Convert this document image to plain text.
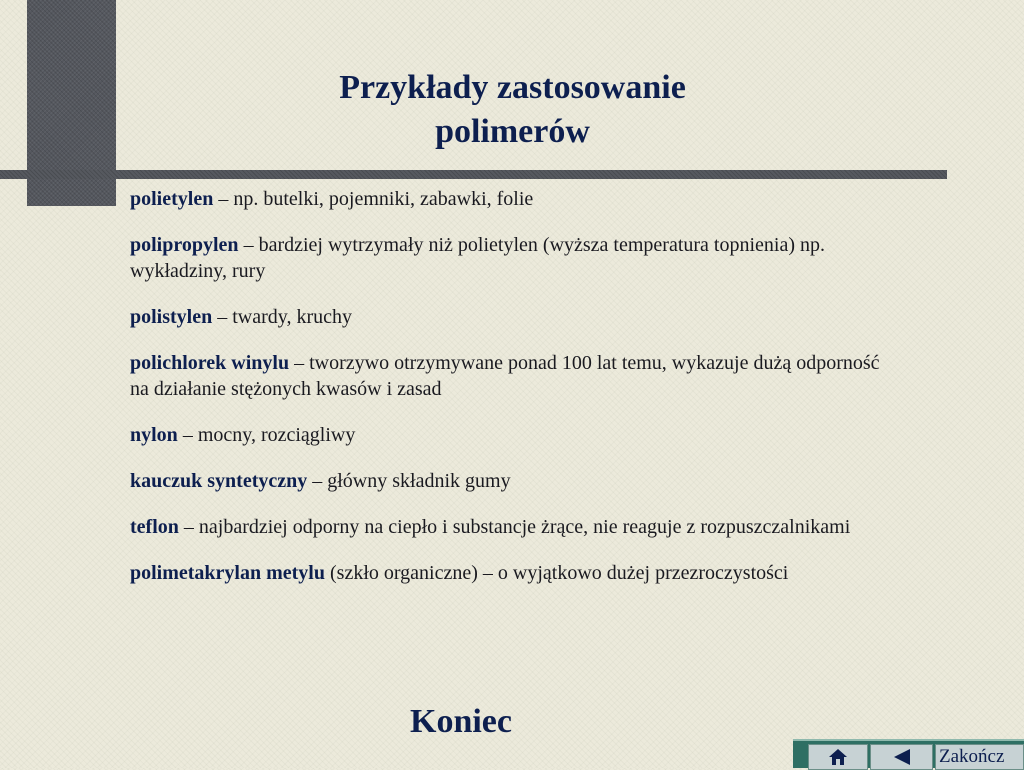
Przykłady zastosowanie
polimerów

polietylen – np. butelki, pojemniki, zabawki, folie

polipropylen – bardziej wytrzymały niż polietylen (wyższa temperatura topnienia) np. wykładziny, rury

polistylen – twardy, kruchy

polichlorek winylu – tworzywo otrzymywane ponad 100 lat temu, wykazuje dużą odporność na działanie stężonych kwasów i zasad

nylon – mocny, rozciągliwy

kauczuk syntetyczny – główny składnik gumy

teflon – najbardziej odporny na ciepło i substancje żrące, nie reaguje z rozpuszczalnikami

polimetakrylan metylu (szkło organiczne) – o wyjątkowo dużej przezroczystości

Koniec
Zakończ
